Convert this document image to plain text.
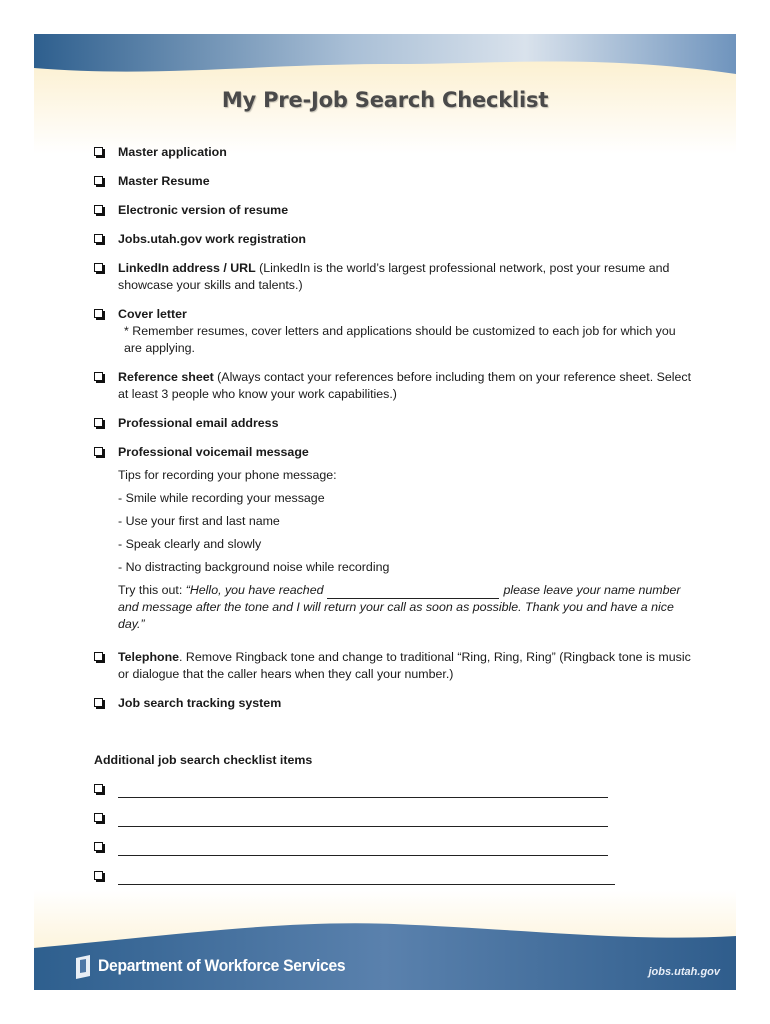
My Pre-Job Search Checklist
Master application
Master Resume
Electronic version of resume
Jobs.utah.gov work registration
LinkedIn address / URL (LinkedIn is the world’s largest professional network, post your resume and showcase your skills and talents.)
Cover letter
* Remember resumes, cover letters and applications should be customized to each job for which you are applying.
Reference sheet (Always contact your references before including them on your reference sheet. Select at least 3 people who know your work capabilities.)
Professional email address
Professional voicemail message
Tips for recording your phone message:
- Smile while recording your message
- Use your first and last name
- Speak clearly and slowly
- No distracting background noise while recording
Try this out: “Hello, you have reached	please leave your name number and message after the tone and I will return your call as soon as possible. Thank you and have a nice day.”
Telephone. Remove Ringback tone and change to traditional “Ring, Ring, Ring” (Ringback tone is music or dialogue that the caller hears when they call your number.)
Job search tracking system
Additional job search checklist items
Department of Workforce Services	jobs.utah.gov
